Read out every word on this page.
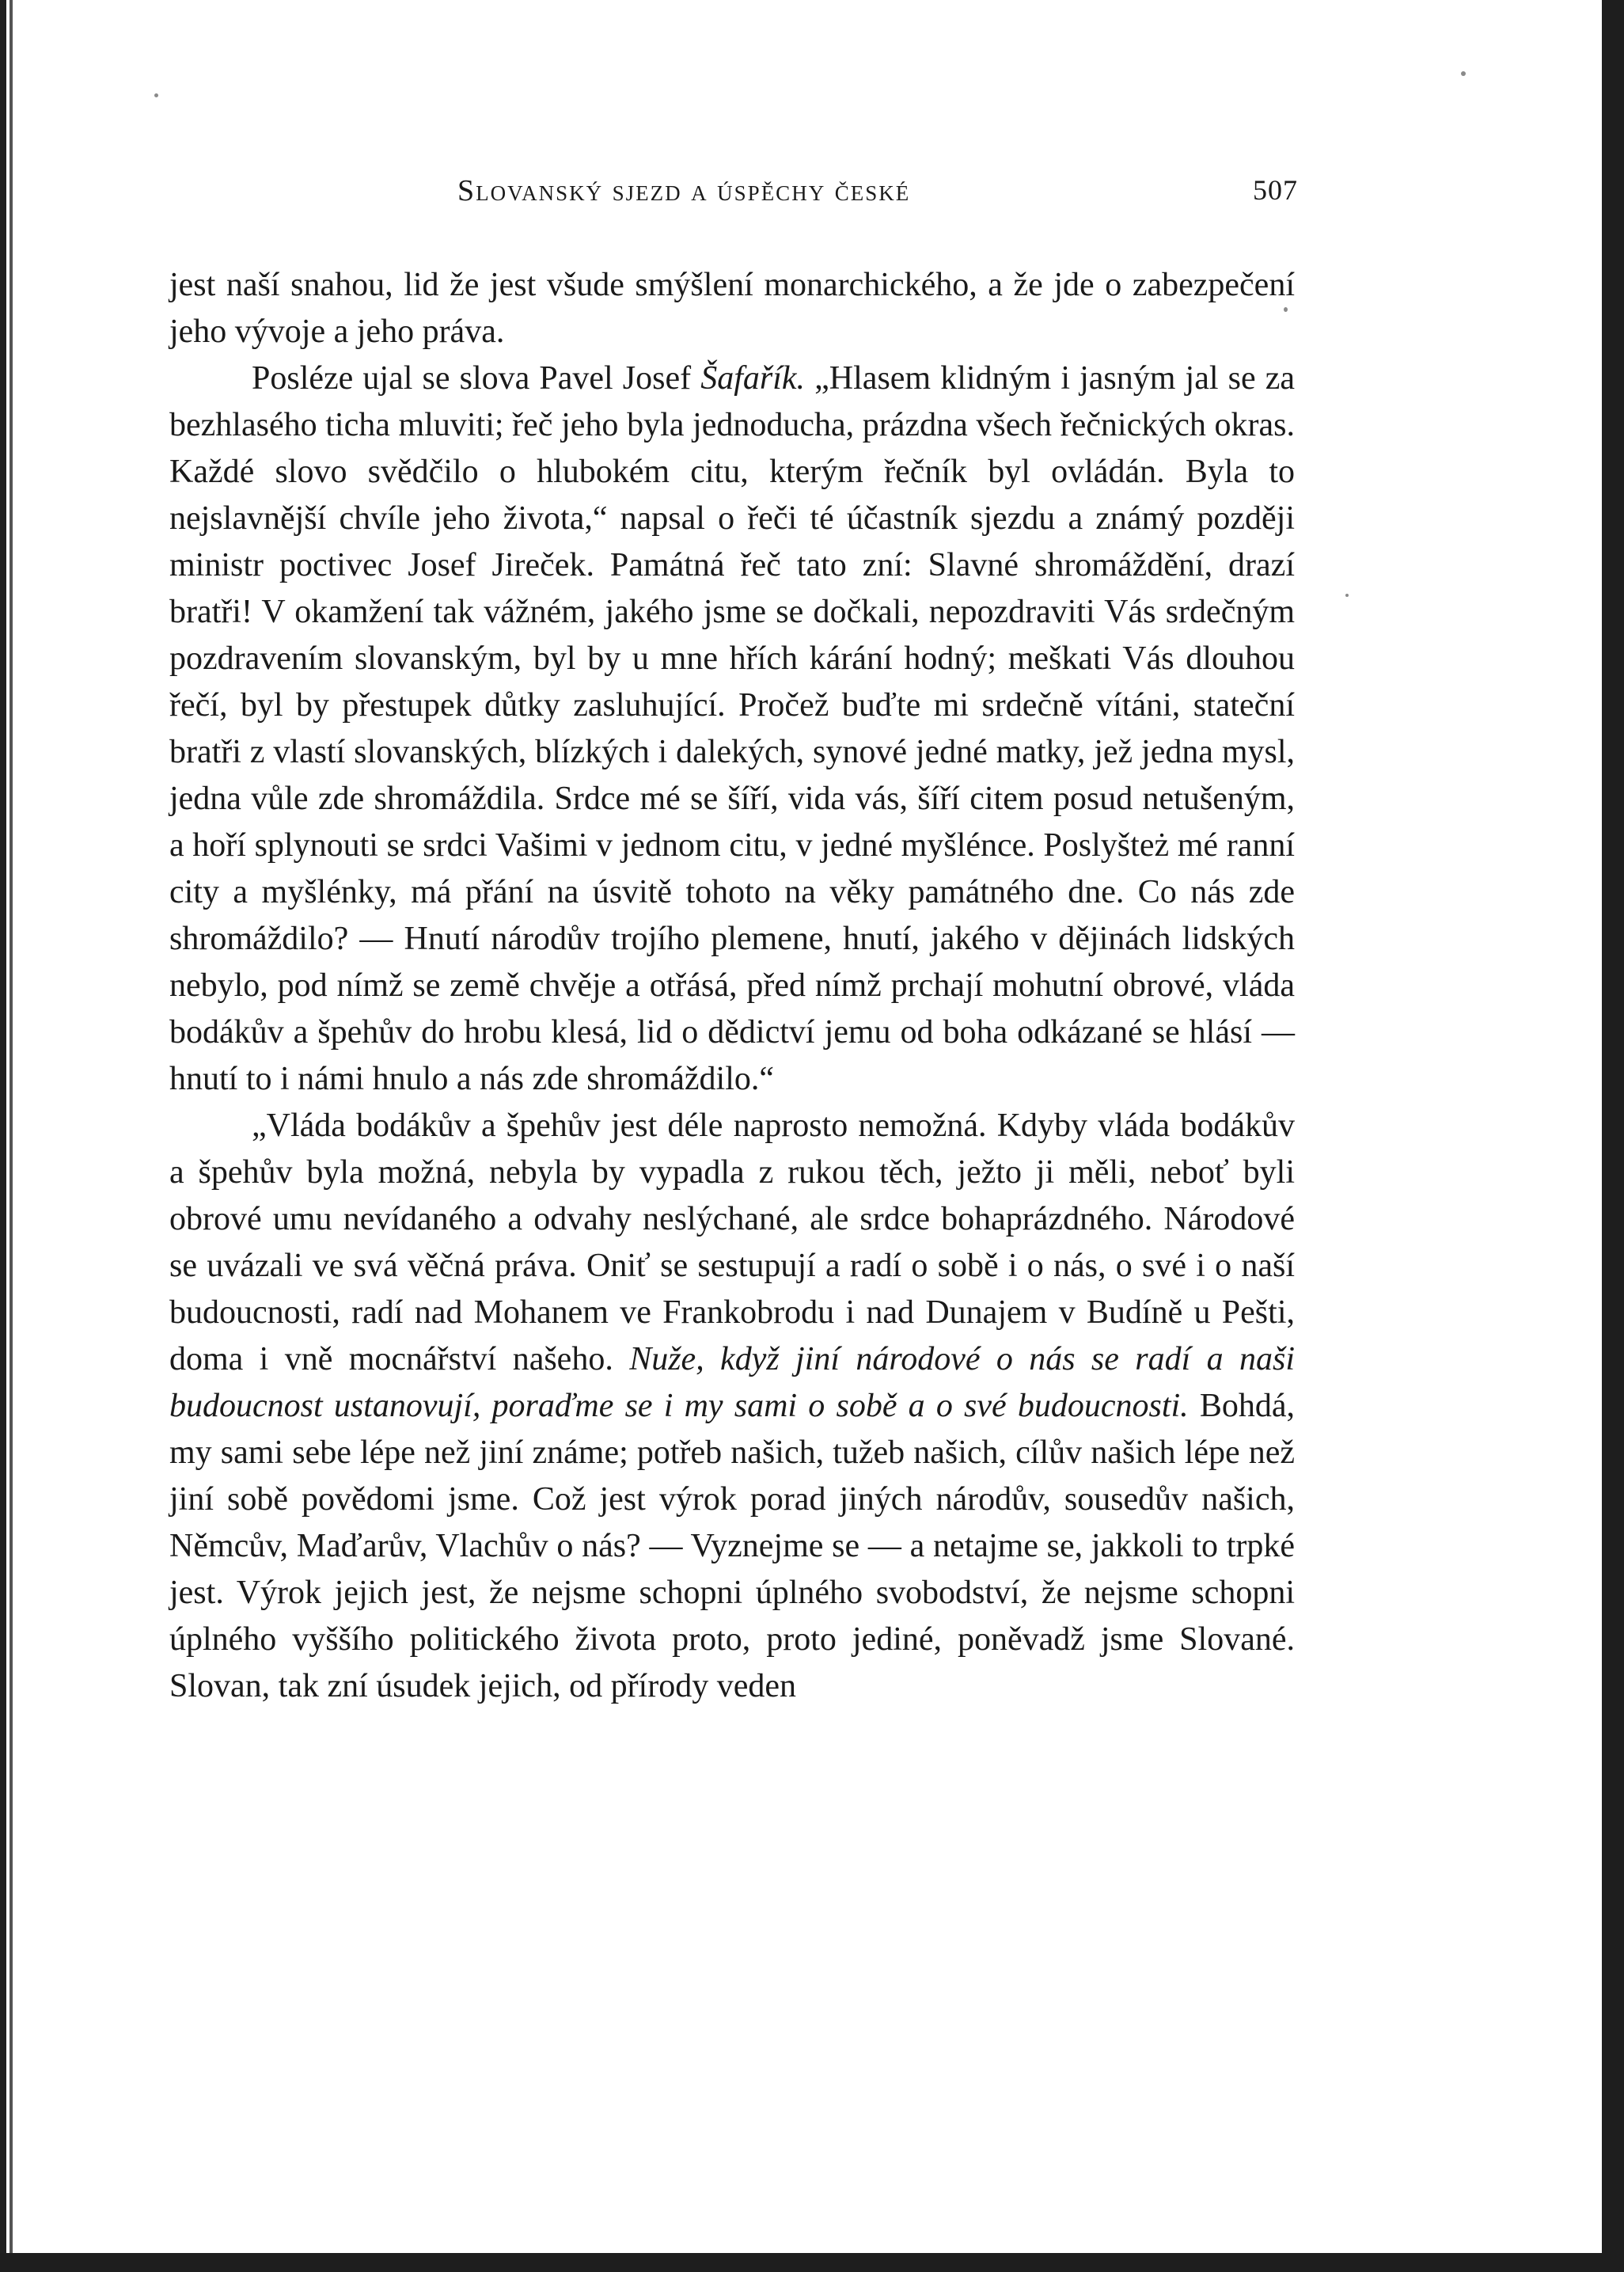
Slovanský sjezd a úspěchy české	507

jest naší snahou, lid že jest všude smýšlení monarchického, a že jde o zabezpečení jeho vývoje a jeho práva.

Posléze ujal se slova Pavel Josef Šafařík. „Hlasem klidným i jasným jal se za bezhlasého ticha mluviti; řeč jeho byla jednoducha, prázdna všech řečnických okras. Každé slovo svědčilo o hlubokém citu, kterým řečník byl ovládán. Byla to nejslavnější chvíle jeho života,“ napsal o řeči té účastník sjezdu a známý později ministr poctivec Josef Jireček. Památná řeč tato zní: Slavné shromáždění, drazí bratři! V okamžení tak vážném, jakého jsme se dočkali, nepozdraviti Vás srdečným pozdravením slovanským, byl by u mne hřích kárání hodný; meškati Vás dlouhou řečí, byl by přestupek důtky zasluhující. Pročež buďte mi srdečně vítáni, stateční bratři z vlastí slovanských, blízkých i dalekých, synové jedné matky, jež jedna mysl, jedna vůle zde shromáždila. Srdce mé se šíří, vida vás, šíří citem posud netušeným, a hoří splynouti se srdci Vašimi v jednom citu, v jedné myšlénce. Poslyšteż mé ranní city a myšlénky, má přání na úsvitě tohoto na věky památného dne. Co nás zde shromáždilo? — Hnutí národův trojího plemene, hnutí, jakého v dějinách lidských nebylo, pod nímž se země chvěje a otřásá, před nímž prchají mohutní obrové, vláda bodákův a špehův do hrobu klesá, lid o dědictví jemu od boha odkázané se hlásí — hnutí to i námi hnulo a nás zde shromáždilo.“

„Vláda bodákův a špehův jest déle naprosto nemožná. Kdyby vláda bodákův a špehův byla možná, nebyla by vypadla z rukou těch, ježto ji měli, neboť byli obrové umu nevídaného a odvahy neslýchané, ale srdce bohaprázdného. Národové se uvázali ve svá věčná práva. Oniť se sestupují a radí o sobě i o nás, o své i o naší budoucnosti, radí nad Mohanem ve Frankobrodu i nad Dunajem v Budíně u Pešti, doma i vně mocnářství našeho. Nuže, když jiní národové o nás se radí a naši budoucnost ustanovují, poraďme se i my sami o sobě a o své budoucnosti. Bohdá, my sami sebe lépe než jiní známe; potřeb našich, tužeb našich, cílův našich lépe než jiní sobě povědomi jsme. Což jest výrok porad jiných národův, sousedův našich, Němcův, Maďarův, Vlachův o nás? — Vyznejme se — a netajme se, jakkoli to trpké jest. Výrok jejich jest, že nejsme schopni úplného svobodství, že nejsme schopni úplného vyššího politického života proto, proto jediné, poněvadž jsme Slované. Slovan, tak zní úsudek jejich, od přírody veden
